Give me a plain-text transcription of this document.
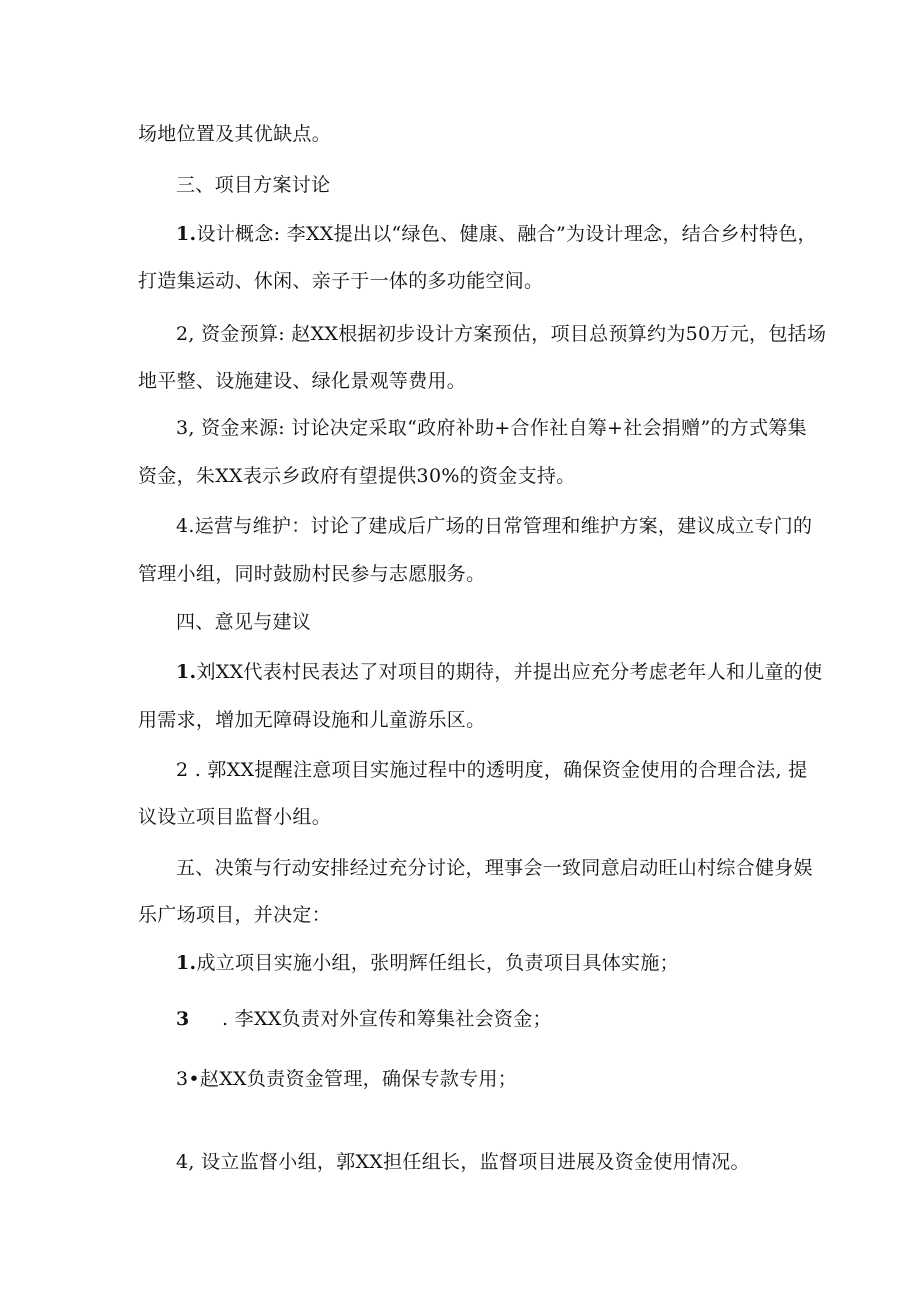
场地位置及其优缺点。
三、项目方案讨论
1.设计概念: 李XX提出以“绿色、健康、融合”为设计理念，结合乡村特色，
打造集运动、休闲、亲子于一体的多功能空间。
2, 资金预算: 赵XX根据初步设计方案预估，项目总预算约为50万元，包括场
地平整、设施建设、绿化景观等费用。
3, 资金来源: 讨论决定采取“政府补助+合作社自筹+社会捐赠”的方式筹集
资金，朱XX表示乡政府有望提供30%的资金支持。
4.运营与维护：讨论了建成后广场的日常管理和维护方案，建议成立专门的
管理小组，同时鼓励村民参与志愿服务。
四、意见与建议
1.刘XX代表村民表达了对项目的期待，并提出应充分考虑老年人和儿童的使
用需求，增加无障碍设施和儿童游乐区。
2 . 郭XX提醒注意项目实施过程中的透明度，确保资金使用的合理合法, 提
议设立项目监督小组。
五、决策与行动安排经过充分讨论，理事会一致同意启动旺山村综合健身娱
乐广场项目，并决定：
1.成立项目实施小组，张明辉任组长，负责项目具体实施；
3 . 李XX负责对外宣传和筹集社会资金；
3•赵XX负责资金管理，确保专款专用；
4, 设立监督小组，郭XX担任组长，监督项目进展及资金使用情况。
